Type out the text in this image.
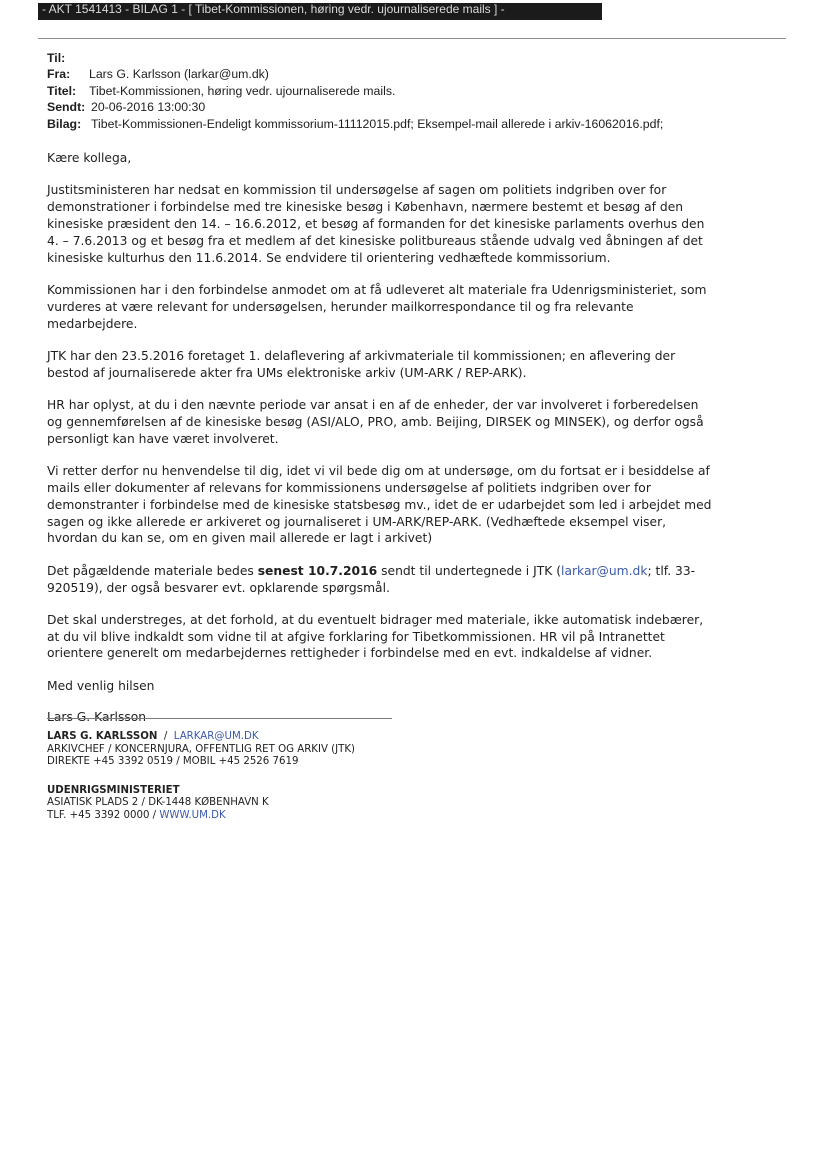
- AKT 1541413 - BILAG 1 - [ Tibet-Kommissionen, høring vedr. ujournaliserede mails ] -
Til:
Fra:	Lars G. Karlsson (larkar@um.dk)
Titel:	Tibet-Kommissionen, høring vedr. ujournaliserede mails.
Sendt: 20-06-2016 13:00:30
Bilag: Tibet-Kommissionen-Endeligt kommissorium-11112015.pdf; Eksempel-mail allerede i arkiv-16062016.pdf;

Kære kollega,

Justitsministeren har nedsat en kommission til undersøgelse af sagen om politiets indgriben over for
demonstrationer i forbindelse med tre kinesiske besøg i København, nærmere bestemt et besøg af den
kinesiske præsident den 14. – 16.6.2012, et besøg af formanden for det kinesiske parlaments overhus den
4. – 7.6.2013 og et besøg fra et medlem af det kinesiske politbureaus stående udvalg ved åbningen af det
kinesiske kulturhus den 11.6.2014. Se endvidere til orientering vedhæftede kommissorium.

Kommissionen har i den forbindelse anmodet om at få udleveret alt materiale fra Udenrigsministeriet, som
vurderes at være relevant for undersøgelsen, herunder mailkorrespondance til og fra relevante
medarbejdere.

JTK har den 23.5.2016 foretaget 1. delaflevering af arkivmateriale til kommissionen; en aflevering der
bestod af journaliserede akter fra UMs elektroniske arkiv (UM-ARK / REP-ARK).

HR har oplyst, at du i den nævnte periode var ansat i en af de enheder, der var involveret i forberedelsen
og gennemførelsen af de kinesiske besøg (ASI/ALO, PRO, amb. Beijing, DIRSEK og MINSEK), og derfor også
personligt kan have været involveret.

Vi retter derfor nu henvendelse til dig, idet vi vil bede dig om at undersøge, om du fortsat er i besiddelse af
mails eller dokumenter af relevans for kommissionens undersøgelse af politiets indgriben over for
demonstranter i forbindelse med de kinesiske statsbesøg mv., idet de er udarbejdet som led i arbejdet med
sagen og ikke allerede er arkiveret og journaliseret i UM-ARK/REP-ARK. (Vedhæftede eksempel viser,
hvordan du kan se, om en given mail allerede er lagt i arkivet)

Det pågældende materiale bedes senest 10.7.2016 sendt til undertegnede i JTK (larkar@um.dk; tlf. 33-
920519), der også besvarer evt. opklarende spørgsmål.

Det skal understreges, at det forhold, at du eventuelt bidrager med materiale, ikke automatisk indebærer,
at du vil blive indkaldt som vidne til at afgive forklaring for Tibetkommissionen. HR vil på Intranettet
orientere generelt om medarbejdernes rettigheder i forbindelse med en evt. indkaldelse af vidner.

Med venlig hilsen

Lars G. Karlsson

LARS G. KARLSSON  /  LARKAR@UM.DK
ARKIVCHEF / KONCERNJURA, OFFENTLIG RET OG ARKIV (JTK)
DIREKTE +45 3392 0519 / MOBIL +45 2526 7619
UDENRIGSMINISTERIET
ASIATISK PLADS 2 / DK-1448 KØBENHAVN K
TLF. +45 3392 0000 / WWW.UM.DK
